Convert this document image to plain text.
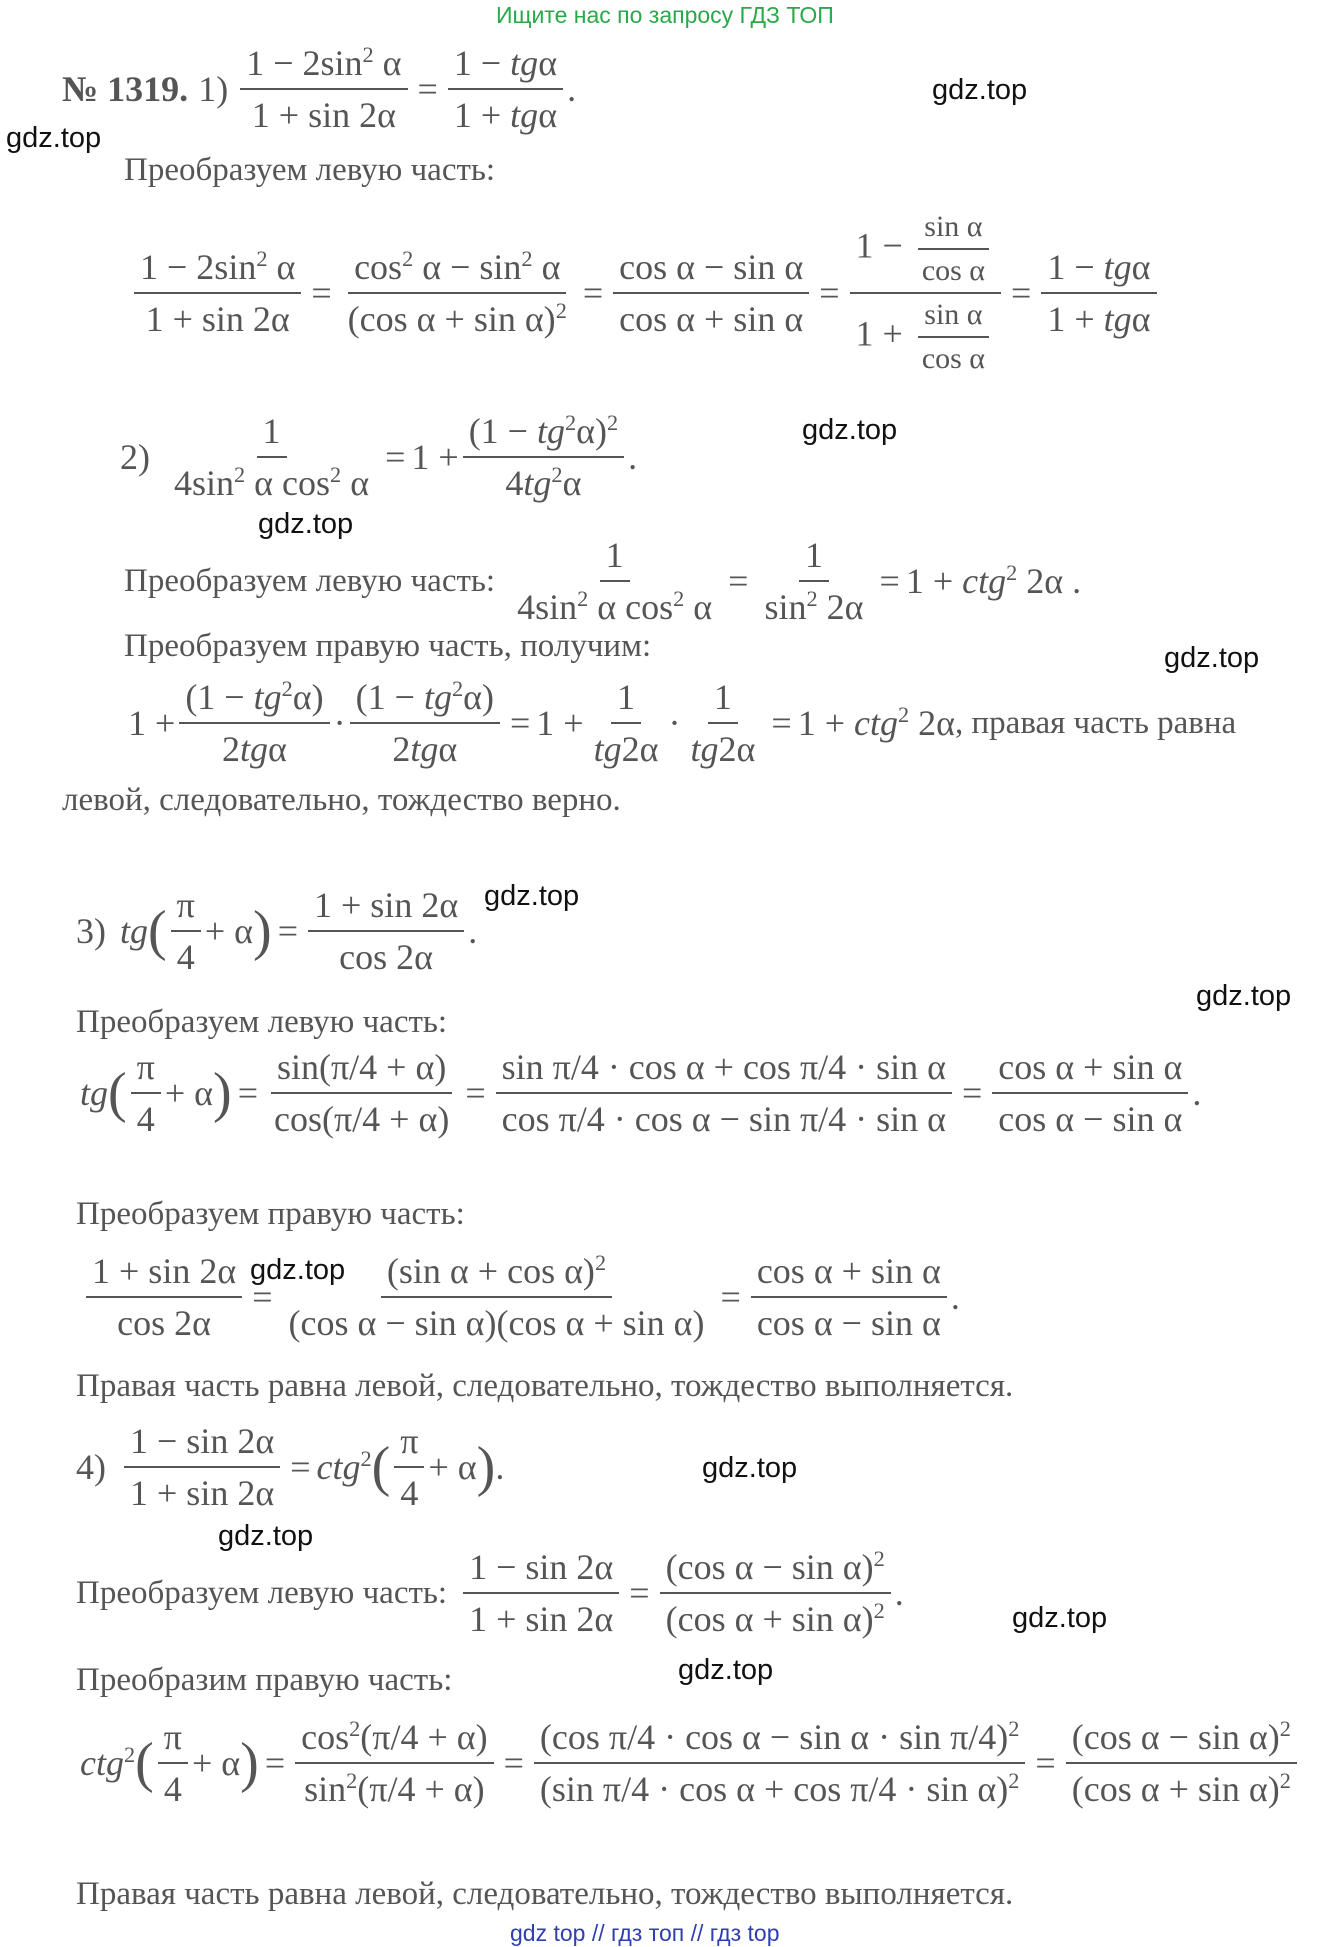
Ищите нас по запросу ГДЗ ТОП
gdz.top
gdz.top
gdz.top
gdz.top
gdz.top
gdz.top
gdz.top
gdz.top
gdz.top
gdz.top
gdz.top
gdz.top
№ 1319. $1) \frac{1 - 2\sin^2 \alpha}{1 + \sin 2\alpha} = \frac{\text{1 − tgα}}{\text{1 + tgα}}$ .
Преобразуем левую часть:
$\frac{1 - 2\sin^2 \alpha}{1 + \sin 2\alpha} = \frac{\cos^2 \alpha - \sin^2 \alpha}{(\cos \alpha + \sin \alpha)^2} = \frac{\text{cos α − sin α}}{\text{cos α + sin α}} = \frac{1 - \frac{\text{sin α}}{\text{cos α}}}{1 + \frac{\text{sin α}}{\text{cos α}}} = \frac{\text{1 − tgα}}{\text{1 + tgα}}$
$2) \frac{1}{4\sin^2 \alpha \cos^2 \alpha} = 1 + \frac{(1 - tg^2\alpha)^2}{4tg^2\alpha}$ .
Преобразуем левую часть: $\frac{1}{4\sin^2 \alpha \cos^2 \alpha} = \frac{1}{\sin^2 2\alpha} = 1 + ctg^2$ 2α .
Преобразуем правую часть, получим:
$1 + \frac{(1 - tg^2\alpha)}{\text{2tgα}} \cdot \frac{(1 - tg^2\alpha)}{\text{2tgα}} = 1 + \frac{1}{tg2\alpha} \cdot \frac{1}{tg2\alpha} = 1 + ctg^2$ 2α , правая часть равна
левой, следовательно, тождество верно.
3) tg ( $\frac{\pi}{4} + \alpha$ ) = $\frac{1 + \sin 2\alpha}{\cos 2\alpha}$ .
Преобразуем левую часть:
tg ( $\frac{\pi}{4} + \alpha$ ) = $\frac{\sin(\pi/4 + \alpha)}{\cos(\pi/4 + \alpha)} = \frac{\text{sin π/4 · cos α + cos π/4 · sin α}}{\text{cos π/4 · cos α − sin π/4 · sin α}} = \frac{\text{cos α + sin α}}{\text{cos α − sin α}}$ .
Преобразуем правую часть:
$\frac{1 + \sin 2\alpha}{\cos 2\alpha} = \frac{(\sin \alpha + \cos \alpha)^2}{\text{(cos α − sin α)(cos α + sin α)}} = \frac{\text{cos α + sin α}}{\text{cos α − sin α}}$ .
Правая часть равна левой, следовательно, тождество выполняется.
$4) \frac{1 - \sin 2\alpha}{1 + \sin 2\alpha} = ctg^2$ ( $\frac{\pi}{4} + \alpha$ ) .
Преобразуем левую часть: $\frac{1 - \sin 2\alpha}{1 + \sin 2\alpha} = \frac{(\cos \alpha - \sin \alpha)^2}{(\cos \alpha + \sin \alpha)^2}$ .
Преобразим правую часть:
ctg$^2$ ( $\frac{\pi}{4} + \alpha$ ) = $\frac{\cos^2(\pi/4 + \alpha)}{\sin^2(\pi/4 + \alpha)} = \frac{(\cos \pi/4 \cdot \cos \alpha - \sin \alpha \cdot \sin \pi/4)^2}{(\sin \pi/4 \cdot \cos \alpha + \cos \pi/4 \cdot \sin \alpha)^2} = \frac{(\cos \alpha - \sin \alpha)^2}{(\cos \alpha + \sin \alpha)^2}$
Правая часть равна левой, следовательно, тождество выполняется.
gdz top // гдз топ // гдз top
